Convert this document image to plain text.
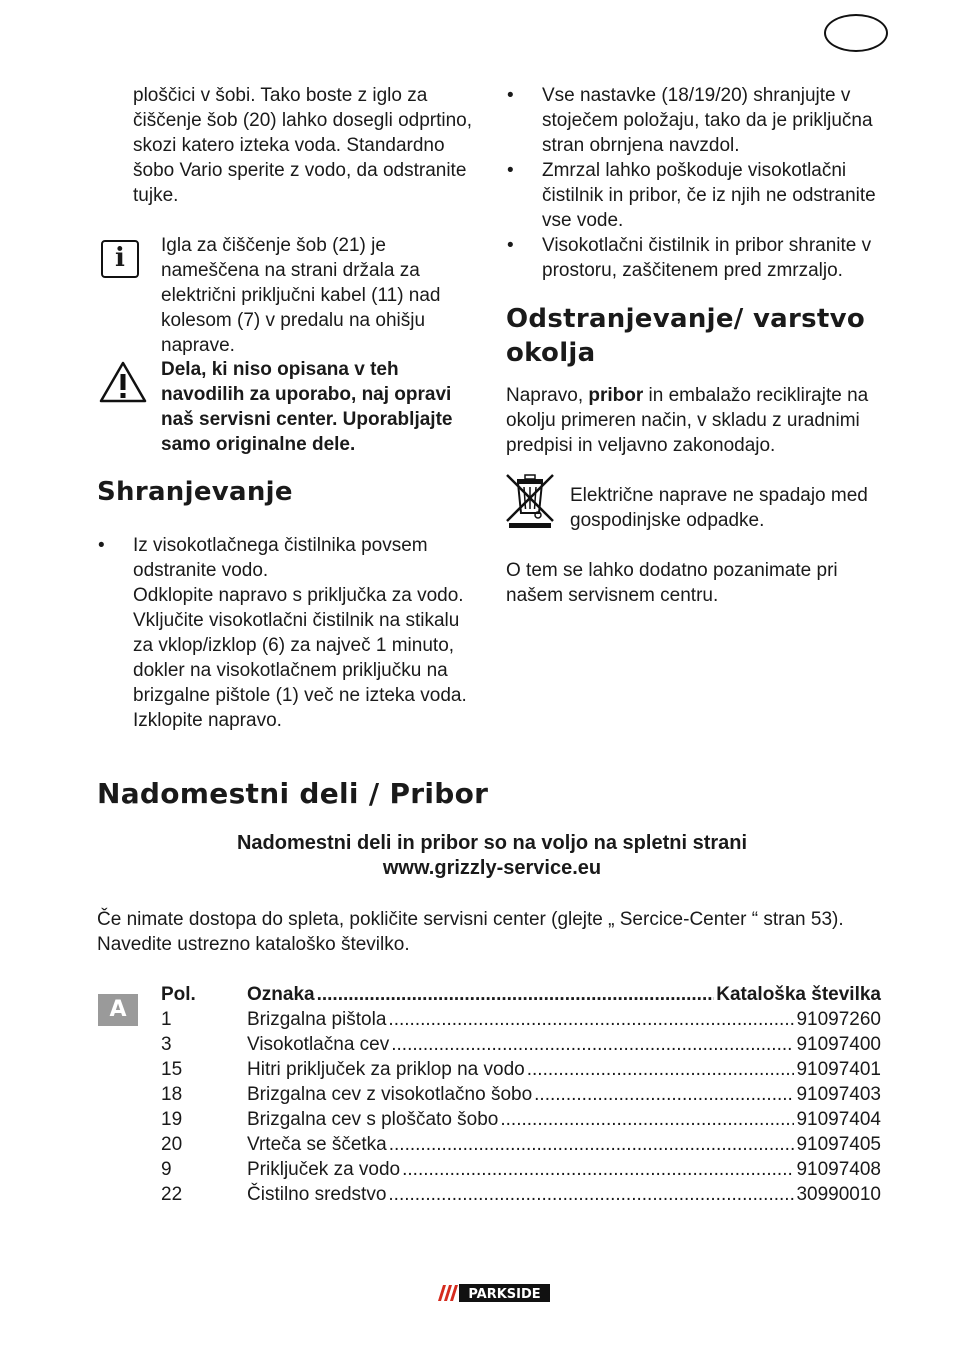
ploščici v šobi. Tako boste z iglo za čiščenje šob (20) lahko dosegli odprtino, skozi katero izteka voda. Standardno šobo Vario sperite z vodo, da odstranite tujke.

i	Igla za čiščenje šob (21) je nameščena na strani držala za električni priključni kabel (11) nad kolesom (7) v predalu na ohišju naprave.

Dela, ki niso opisana v teh navodilih za uporabo, naj opravi naš servisni center. Uporabljajte samo originalne dele.

Shranjevanje
• Iz visokotlačnega čistilnika povsem odstranite vodo.
Odklopite napravo s priključka za vodo. Vključite visokotlačni čistilnik na stikalu za vklop/izklop (6) za največ 1 minuto, dokler na visokotlačnem priključku na brizgalne pištole (1) več ne izteka voda. Izklopite napravo.
• Vse nastavke (18/19/20) shranjujte v stoječem položaju, tako da je priključna stran obrnjena navzdol.
• Zmrzal lahko poškoduje visokotlačni čistilnik in pribor, če iz njih ne odstranite vse vode.
• Visokotlačni čistilnik in pribor shranite v prostoru, zaščitenem pred zmrzaljo.
Odstranjevanje/ varstvo okolja

Napravo, pribor in embalažo reciklirajte na okolju primeren način, v skladu z uradnimi predpisi in veljavno zakonodajo.

Električne naprave ne spadajo med gospodinjske odpadke.

O tem se lahko dodatno pozanimate pri našem servisnem centru.

Nadomestni deli / Pribor
Nadomestni deli in pribor so na voljo na spletni strani
www.grizzly-service.eu

Če nimate dostopa do spleta, pokličite servisni center (glejte „ Sercice-Center “ stran 53). Navedite ustrezno kataloško številko.

A
Pol.	Oznaka .....	Kataloška številka
1	Brizgalna pištola .....	91097260
3	Visokotlačna cev .....	91097400
15	Hitri priključek za priklop na vodo .....	91097401
18	Brizgalna cev z visokotlačno šobo .....	91097403
19	Brizgalna cev s ploščato šobo .....	91097404
20	Vrteča se ščetka .....	91097405
9	Priključek za vodo .....	91097408
22	Čistilno sredstvo .....	30990010
PARKSIDE
